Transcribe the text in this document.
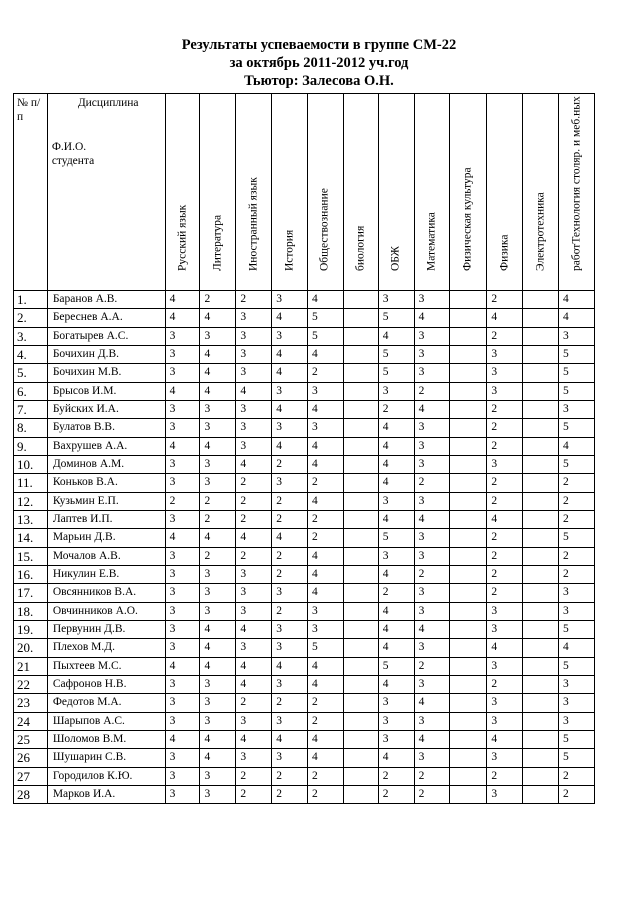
Результаты успеваемости в группе СМ-22
за октябрь 2011-2012 уч.год
Тьютор: Залесова О.Н.
№ п/п	Дисциплина
Ф.И.О.
студента	Русский язык	Литература	Иностранный язык	История	Обществознание	биология	ОБЖ	Математика	Физическая культура	Физика	Электротехника	работТехнология столяр. и меб.ных

1.	Баранов А.В.	4	2	2	3	4		3	3		2		4
2.	Береснев А.А.	4	4	3	4	5		5	4		4		4
3.	Богатырев А.С.	3	3	3	3	5		4	3		2		3
4.	Бочихин Д.В.	3	4	3	4	4		5	3		3		5
5.	Бочихин М.В.	3	4	3	4	2		5	3		3		5
6.	Брысов И.М.	4	4	4	3	3		3	2		3		5
7.	Буйских И.А.	3	3	3	4	4		2	4		2		3
8.	Булатов В.В.	3	3	3	3	3		4	3		2		5
9.	Вахрушев А.А.	4	4	3	4	4		4	3		2		4
10.	Доминов А.М.	3	3	4	2	4		4	3		3		5
11.	Коньков В.А.	3	3	2	3	2		4	2		2		2
12.	Кузьмин Е.П.	2	2	2	2	4		3	3		2		2
13.	Лаптев И.П.	3	2	2	2	2		4	4		4		2
14.	Марьин Д.В.	4	4	4	4	2		5	3		2		5
15.	Мочалов А.В.	3	2	2	2	4		3	3		2		2
16.	Никулин Е.В.	3	3	3	2	4		4	2		2		2
17.	Овсянников В.А.	3	3	3	3	4		2	3		2		3
18.	Овчинников А.О.	3	3	3	2	3		4	3		3		3
19.	Первунин Д.В.	3	4	4	3	3		4	4		3		5
20.	Плехов М.Д.	3	4	3	3	5		4	3		4		4
21	Пыхтеев М.С.	4	4	4	4	4		5	2		3		5
22	Сафронов Н.В.	3	3	4	3	4		4	3		2		3
23	Федотов М.А.	3	3	2	2	2		3	4		3		3
24	Шарыпов А.С.	3	3	3	3	2		3	3		3		3
25	Шоломов В.М.	4	4	4	4	4		3	4		4		5
26	Шушарин С.В.	3	4	3	3	4		4	3		3		5
27	Городилов К.Ю.	3	3	2	2	2		2	2		2		2
28	Марков И.А.	3	3	2	2	2		2	2		3		2
